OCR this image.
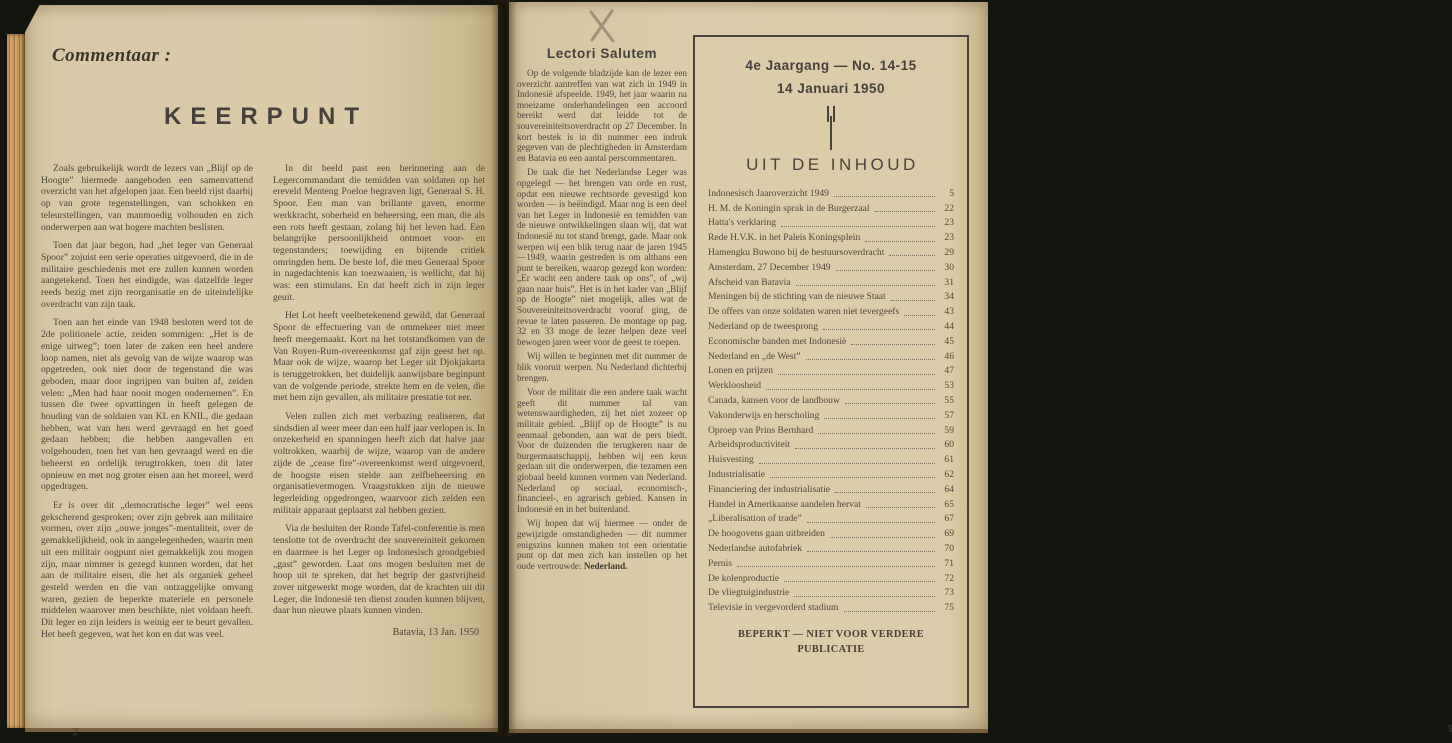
Commentaar :
KEERPUNT

Zoals gebruikelijk wordt de lezers van „Blijf op de Hoogte” hiermede aangeboden een samenvattend overzicht van het afgelopen jaar. Een beeld rijst daarbij op van grote tegenstellingen, van schokken en teleurstellingen, van manmoedig volhouden en zich onderwerpen aan wat hogere machten beslisten.

Toen dat jaar begon, had „het leger van Generaal Spoor” zojuist een serie operaties uitgevoerd, die in de militaire geschiedenis met ere zullen kunnen worden aangetekend. Toen het eindigde, was datzelfde leger reeds bezig met zijn reorganisatie en de uiteindelijke overdracht van zijn taak.

Toen aan het einde van 1948 besloten werd tot de 2de politionele actie, zeiden sommigen: „Het is de enige uitweg”; toen later de zaken een heel andere loop namen, niet als gevolg van de wijze waarop was opgetreden, ook niet door de tegenstand die was geboden, maar door ingrijpen van buiten af, zeiden velen: „Men had haar nooit mogen ondernemen”. En tussen die twee opvattingen in heeft gelegen de houding van de soldaten van KL en KNIL, die gedaan hebben, wat van hen werd gevraagd en het goed gedaan hebben; die hebben aangevallen en volgehouden, toen het van hen gevraagd werd en die beheerst en ordelijk terugtrokken, toen dit later opnieuw en met nog groter eisen aan het moreel, werd opgedragen.

Er is over dit „democratische leger” wel eens gekscherend gesproken; over zijn gebrek aan militaire vormen, over zijn „ouwe jonges”-mentaliteit, over de gemakkelijkheid, ook in aangelegenheden, waarin men uit een militair oogpunt niet gemakkelijk zou mogen zijn, maar nimmer is gezegd kunnen worden, dat het aan de militaire eisen, die het als organiek geheel gesteld werden en die van ontzaggelijke omvang waren, gezien de beperkte materiele en personele middelen waarover men beschikte, niet voldaan heeft. Dit leger en zijn leiders is weinig eer te beurt gevallen. Het heeft gegeven, wat het kon en dat was veel.

In dit beeld past een herinnering aan de Legercommandant die temidden van soldaten op het ereveld Menteng Poeloe begraven ligt, Generaal S. H. Spoor. Een man van brillante gaven, enorme werkkracht, soberheid en beheersing, een man, die als een rots heeft gestaan, zolang hij het leven had. Een belangrijke persoonlijkheid ontmoet voor- en tegenstanders; toewijding en bijtende critiek omringden hem. De beste lof, die men Generaal Spoor in nagedachtenis kan toezwaaien, is wellicht, dat hij was: een stimulans. En dat heeft zich in zijn leger geuit.

Het Lot heeft veelbetekenend gewild, dat Generaal Spoor de effectuering van de ommekeer niet meer heeft meegemaakt. Kort na het totstandkomen van de Van Royen-Rum-overeenkomst gaf zijn geest het op. Maar ook de wijze, waarop het Leger uit Djokjakarta is teruggetrokken, het duidelijk aanwijsbare beginpunt van de volgende periode, strekte hem en de velen, die met hem zijn gevallen, als militaire prestatie tot eer.

Velen zullen zich met verbazing realiseren, dat sindsdien al weer meer dan een half jaar verlopen is. In onzekerheid en spanningen heeft zich dat halve jaar voltrokken, waarbij de wijze, waarop van de andere zijde de „cease fire”-overeenkomst werd uitgevoerd, de hoogste eisen stelde aan zelfbeheersing en organisatievermogen. Vraagstukken zijn de nieuwe legerleiding opgedrongen, waarvoor zich zelden een militair apparaat geplaatst zal hebben gezien.

Via de besluiten der Ronde Tafel-conferentie is men tenslotte tot de overdracht der souvereiniteit gekomen en daarmee is het Leger op Indonesisch grondgebied „gast” geworden. Laat ons mogen besluiten met de hoop uit te spreken, dat het begrip der gastvrijheid zover uitgewerkt moge worden, dat de krachten uit dit Leger, die Indonesië ten dienst zouden kunnen blijven, daar hun nieuwe plaats kunnen vinden.

Batavia, 13 Jan. 1950
2
Lectori Salutem

Op de volgende bladzijde kan de lezer een overzicht aantreffen van wat zich in 1949 in Indonesië afspeelde. 1949, het jaar waarin na moeizame onderhandelingen een accoord bereikt werd dat leidde tot de souvereiniteitsoverdracht op 27 December. In kort bestek is in dit nummer een indruk gegeven van de plechtigheden in Amsterdam en Batavia en een aantal perscommentaren.

De taak die het Nederlandse Leger was opgelegd — het brengen van orde en rust, opdat een nieuwe rechtsorde gevestigd kon worden — is beëindigd. Maar nog is een deel van het Leger in Indonesië en temidden van de nieuwe ontwikkelingen slaan wij, dat wat Indonesië nu tot stand brengt, gade. Maar ook werpen wij een blik terug naar de jaren 1945—1949, waarin gestreden is om althans een punt te bereiken, waarop gezegd kon worden: „Er wacht een andere taak op ons”, of „wij gaan naar huis”. Het is in het kader van „Blijf op de Hoogte” niet mogelijk, alles wat de Souvereiniteitsoverdracht vooraf ging, de revue te laten passeren. De montage op pag. 32 en 33 moge de lezer helpen deze veel bewogen jaren weer voor de geest te roepen.

Wij willen te beginnen met dit nummer de blik vooruit werpen. Nu Nederland dichterbij brengen.

Voor de militair die een andere taak wacht geeft dit nummer tal van wetenswaardigheden, zij het niet zozeer op militair gebied. „Blijf op de Hoogte” is nu eenmaal gebonden, aan wat de pers biedt. Voor de duizenden die terugkeren naar de burgermaatschappij, hebben wij een keus gedaan uit die onderwerpen, die tezamen een globaal beeld kunnen vormen van Nederland. Nederland op sociaal, economisch-, financieel-, en agrarisch gebied. Kansen in Indonesië en in het buitenland.

Wij hopen dat wij hiermee — onder de gewijzigde omstandigheden — dit nummer enigszins kunnen maken tot een orientatie punt op dat men zich kan instellen op het oude vertrouwde: Nederland.

4e Jaargang — No. 14-15
14 Januari 1950
UIT DE INHOUD
Indonesisch Jaaroverzicht 1949	5
H. M. de Koningin sprak in de Burgerzaal	22
Hatta's verklaring	23
Rede H.V.K. in het Paleis Koningsplein	23
Hamengku Buwono bij de bestuursoverdracht	29
Amsterdam, 27 December 1949	30
Afscheid van Batavia	31
Meningen bij de stichting van de nieuwe Staat	34
De offers van onze soldaten waren niet tevergeefs	43
Nederland op de tweesprong	44
Economische banden met Indonesië	45
Nederland en „de West”	46
Lonen en prijzen	47
Werkloosheid	53
Canada, kansen voor de landbouw	55
Vakonderwijs en herscholing	57
Oproep van Prins Bernhard	59
Arbeidsproductiviteit	60
Huisvesting	61
Industrialisatie	62
Financiering der industrialisatie	64
Handel in Amerikaanse aandelen hervat	65
„Liberalisation of trade”	67
De hoogovens gaan uitbreiden	69
Nederlandse autofabriek	70
Pernis	71
De kolenproductie	72
De vliegtuigindustrie	73
Televisie in vergevorderd stadium	75
BEPERKT — NIET VOOR VERDERE PUBLICATIE
3
